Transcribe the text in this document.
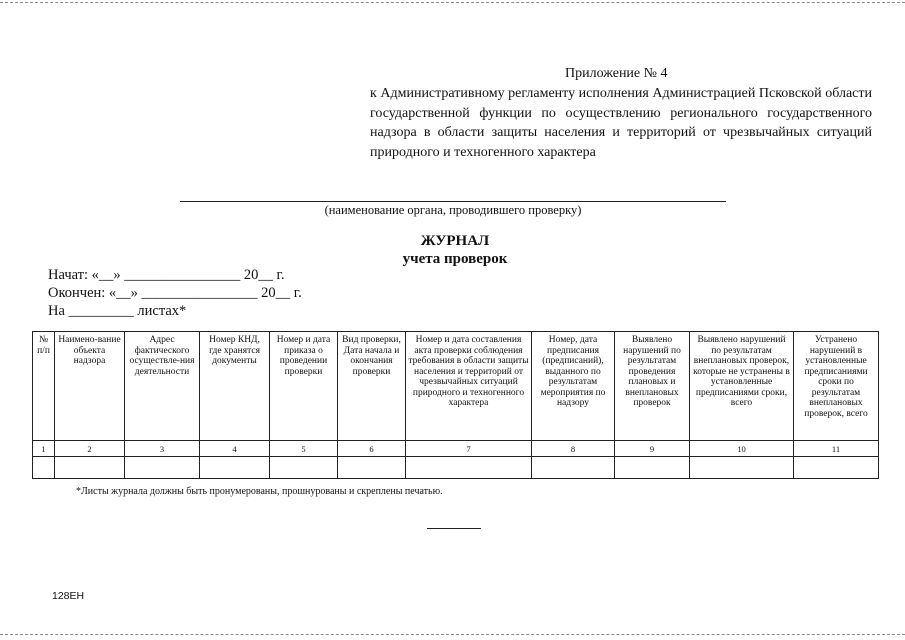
Приложение № 4
к Административному регламенту исполнения Администрацией Псковской области государственной функции по осуществлению регионального государственного надзора в области защиты населения и территорий от чрезвычайных ситуаций природного и техногенного характера
(наименование органа, проводившего проверку)
ЖУРНАЛ
учета проверок
Начат: «__» ________________ 20__ г.
Окончен: «__» ________________ 20__ г.
На _________ листах*
№ п/п	Наимено-вание объекта надзора	Адрес фактического осуществле-ния деятельности	Номер КНД, где хранятся документы	Номер и дата приказа о проведении проверки	Вид проверки, Дата начала и окончания проверки	Номер и дата составления акта проверки соблюдения требования в области защиты населения и территорий от чрезвычайных ситуаций природного и техногенного характера	Номер, дата предписания (предписаний), выданного по результатам мероприятия по надзору	Выявлено нарушений по результатам проведения плановых и внеплановых проверок	Выявлено нарушений по результатам внеплановых проверок, которые не устранены в установленные предписаниями сроки, всего	Устранено нарушений в установленные предписаниями сроки по результатам внеплановых проверок, всего
1	2	3	4	5	6	7	8	9	10	11

*Листы журнала должны быть пронумерованы, прошнурованы и скреплены печатью.
128ЕН
